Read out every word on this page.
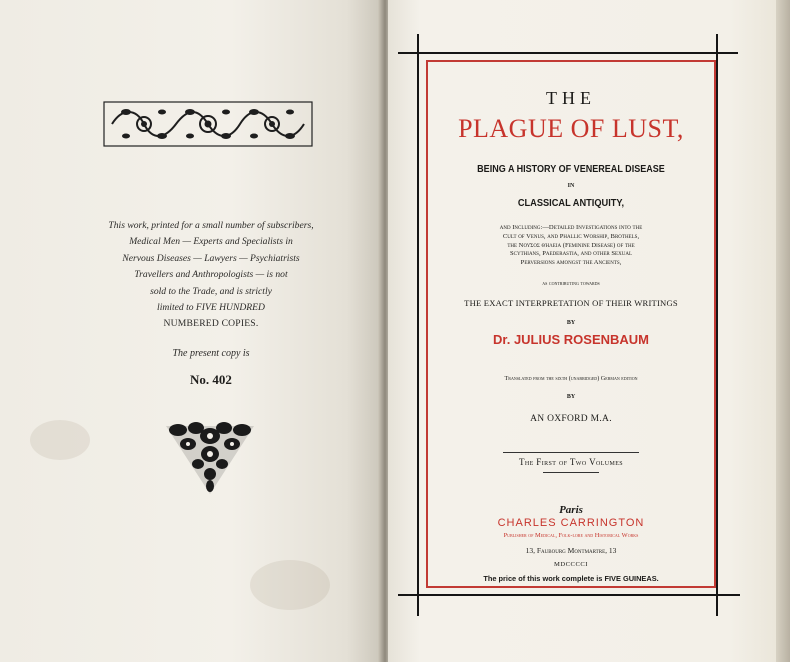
This work, printed for a small number of subscribers,
Medical Men — Experts and Specialists in
Nervous Diseases — Lawyers — Psychiatrists
Travellers and Anthropologists — is not
sold to the Trade, and is strictly
limited to FIVE HUNDRED
NUMBERED COPIES.
The present copy is
No. 402
THE
PLAGUE OF LUST,
BEING A HISTORY OF VENEREAL DISEASE
IN
CLASSICAL ANTIQUITY,
and Including:—Detailed Investigations into the
Cult of Venus, and Phallic Worship, Brothels,
the Νοῦσος θήλεια (Feminine Disease) of the
Scythians, Paederastia, and other Sexual
Perversions amongst the Ancients,
as contributing towards
THE EXACT INTERPRETATION OF THEIR WRITINGS
BY
Dr. JULIUS ROSENBAUM
Translated from the sixth (unabridged) German edition
BY
AN OXFORD M.A.
The First of Two Volumes
Paris
CHARLES CARRINGTON
Publisher of Medical, Folk-lore and Historical Works
13, Faubourg Montmartre, 13
MDCCCCI
The price of this work complete is FIVE GUINEAS.
